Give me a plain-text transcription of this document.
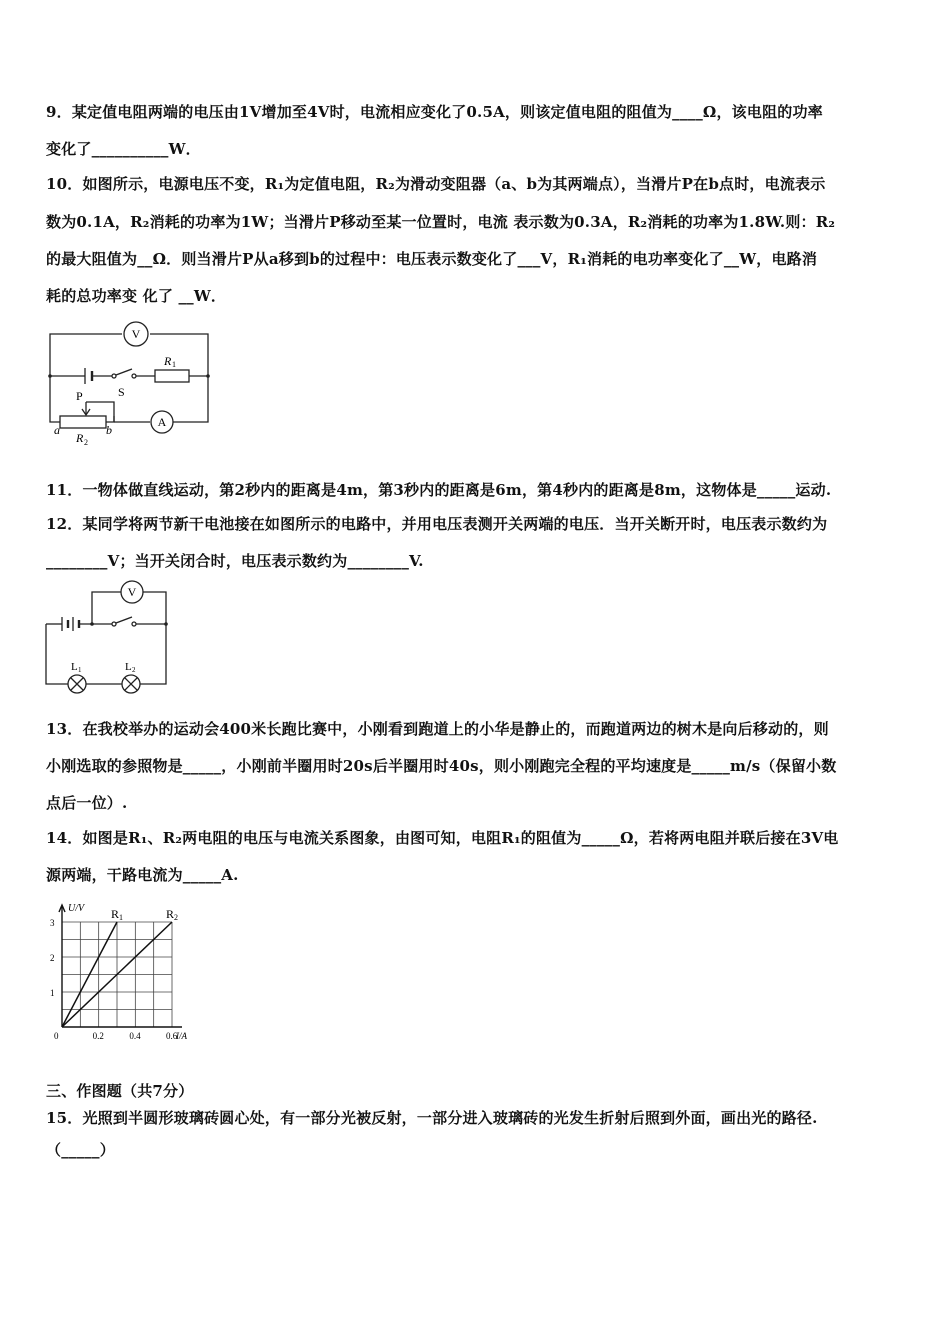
9．某定值电阻两端的电压由1V增加至4V时，电流相应变化了0.5A，则该定值电阻的阻值为____Ω，该电阻的功率
变化了__________W．
10．如图所示，电源电压不变，R₁为定值电阻，R₂为滑动变阻器（a、b为其两端点），当滑片P在b点时，电流表示
数为0.1A，R₂消耗的功率为1W；当滑片P移动至某一位置时，电流 表示数为0.3A，R₂消耗的功率为1.8W.则：R₂
的最大阻值为__Ω．则当滑片P从a移到b的过程中：电压表示数变化了___V，R₁消耗的电功率变化了__W，电路消
耗的总功率变 化了 __W．
V
A
S
R 1
P
a	b
R 2
11．一物体做直线运动，第2秒内的距离是4m，第3秒内的距离是6m，第4秒内的距离是8m，这物体是_____运动.
12．某同学将两节新干电池接在如图所示的电路中，并用电压表测开关两端的电压．当开关断开时，电压表示数约为
________V；当开关闭合时，电压表示数约为________V.
V
L 1	L 2
13．在我校举办的运动会400米长跑比赛中，小刚看到跑道上的小华是静止的，而跑道两边的树木是向后移动的，则
小刚选取的参照物是_____，小刚前半圈用时20s后半圈用时40s，则小刚跑完全程的平均速度是_____m/s（保留小数
点后一位）.
14．如图是R₁、R₂两电阻的电压与电流关系图象，由图可知，电阻R₁的阻值为_____Ω，若将两电阻并联后接在3V电
源两端，干路电流为_____A.
R1	R2
0	0.2	0.4	0.6
1
2
3
U/V
I/A
三、作图题（共7分）
15．光照到半圆形玻璃砖圆心处，有一部分光被反射，一部分进入玻璃砖的光发生折射后照到外面，画出光的路径.
（_____）
